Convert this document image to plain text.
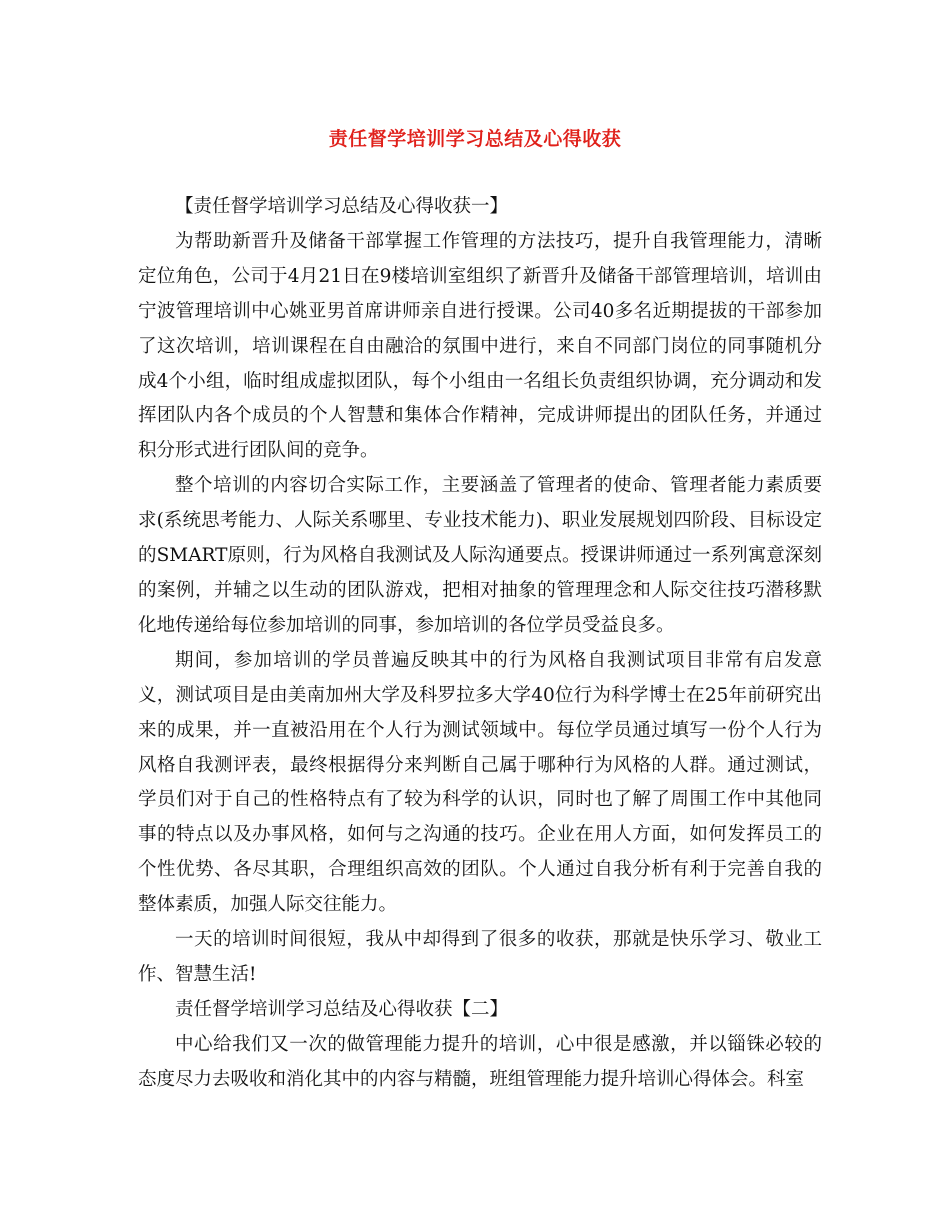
责任督学培训学习总结及心得收获

【责任督学培训学习总结及心得收获一】

为帮助新晋升及储备干部掌握工作管理的方法技巧，提升自我管理能力，清晰定位角色，公司于4月21日在9楼培训室组织了新晋升及储备干部管理培训，培训由宁波管理培训中心姚亚男首席讲师亲自进行授课。公司40多名近期提拔的干部参加了这次培训，培训课程在自由融洽的氛围中进行，来自不同部门岗位的同事随机分成4个小组，临时组成虚拟团队，每个小组由一名组长负责组织协调，充分调动和发挥团队内各个成员的个人智慧和集体合作精神，完成讲师提出的团队任务，并通过积分形式进行团队间的竞争。

整个培训的内容切合实际工作，主要涵盖了管理者的使命、管理者能力素质要求(系统思考能力、人际关系哪里、专业技术能力)、职业发展规划四阶段、目标设定的SMART原则，行为风格自我测试及人际沟通要点。授课讲师通过一系列寓意深刻的案例，并辅之以生动的团队游戏，把相对抽象的管理理念和人际交往技巧潜移默化地传递给每位参加培训的同事，参加培训的各位学员受益良多。

期间，参加培训的学员普遍反映其中的行为风格自我测试项目非常有启发意义，测试项目是由美南加州大学及科罗拉多大学40位行为科学博士在25年前研究出来的成果，并一直被沿用在个人行为测试领域中。每位学员通过填写一份个人行为风格自我测评表，最终根据得分来判断自己属于哪种行为风格的人群。通过测试，学员们对于自己的性格特点有了较为科学的认识，同时也了解了周围工作中其他同事的特点以及办事风格，如何与之沟通的技巧。企业在用人方面，如何发挥员工的个性优势、各尽其职，合理组织高效的团队。个人通过自我分析有利于完善自我的整体素质，加强人际交往能力。

一天的培训时间很短，我从中却得到了很多的收获，那就是快乐学习、敬业工作、智慧生活!

责任督学培训学习总结及心得收获【二】

中心给我们又一次的做管理能力提升的培训，心中很是感激，并以锱铢必较的态度尽力去吸收和消化其中的内容与精髓，班组管理能力提升培训心得体会。科室
